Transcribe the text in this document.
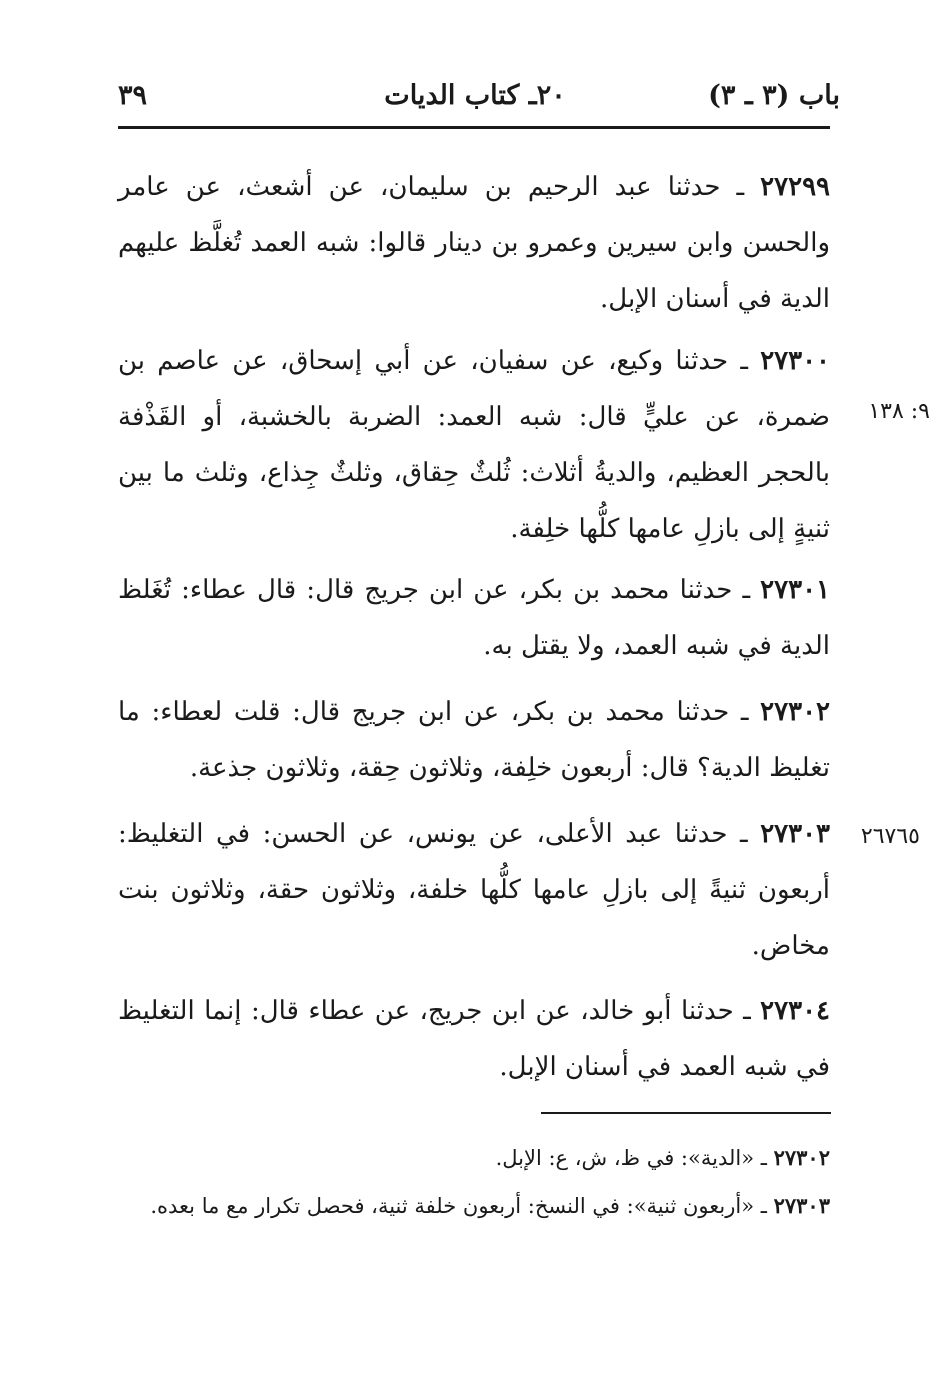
باب (٣ ـ ٣)
٢٠ـ كتاب الديات
٣٩
٢٧٢٩٩ ـ حدثنا عبد الرحيم بن سليمان، عن أشعث، عن عامر والحسن وابن سيرين وعمرو بن دينار قالوا: شبه العمد تُغلَّظ عليهم الدية في أسنان الإبل.
٢٧٣٠٠ ـ حدثنا وكيع، عن سفيان، عن أبي إسحاق، عن عاصم بن ضمرة، عن عليٍّ قال: شبه العمد: الضربة بالخشبة، أو القَذْفة بالحجر العظيم، والديةُ أثلاث: ثُلثٌ حِقاق، وثلثٌ جِذاع، وثلث ما بين ثنيةٍ إلى بازلِ عامها كلُّها خلِفة.
٢٧٣٠١ ـ حدثنا محمد بن بكر، عن ابن جريج قال: قال عطاء: تُغَلظ الدية في شبه العمد، ولا يقتل به.
٢٧٣٠٢ ـ حدثنا محمد بن بكر، عن ابن جريج قال: قلت لعطاء: ما تغليظ الدية؟ قال: أربعون خلِفة، وثلاثون حِقة، وثلاثون جذعة.
٢٧٣٠٣ ـ حدثنا عبد الأعلى، عن يونس، عن الحسن: في التغليظ: أربعون ثنيةً إلى بازلِ عامها كلُّها خلفة، وثلاثون حقة، وثلاثون بنت مخاض.
٢٧٣٠٤ ـ حدثنا أبو خالد، عن ابن جريج، عن عطاء قال: إنما التغليظ في شبه العمد في أسنان الإبل.
٩: ١٣٨
٢٦٧٦٥
٢٧٣٠٢ ـ «الدية»: في ظ، ش، ع: الإبل.
٢٧٣٠٣ ـ «أربعون ثنية»: في النسخ: أربعون خلفة ثنية، فحصل تكرار مع ما بعده.
